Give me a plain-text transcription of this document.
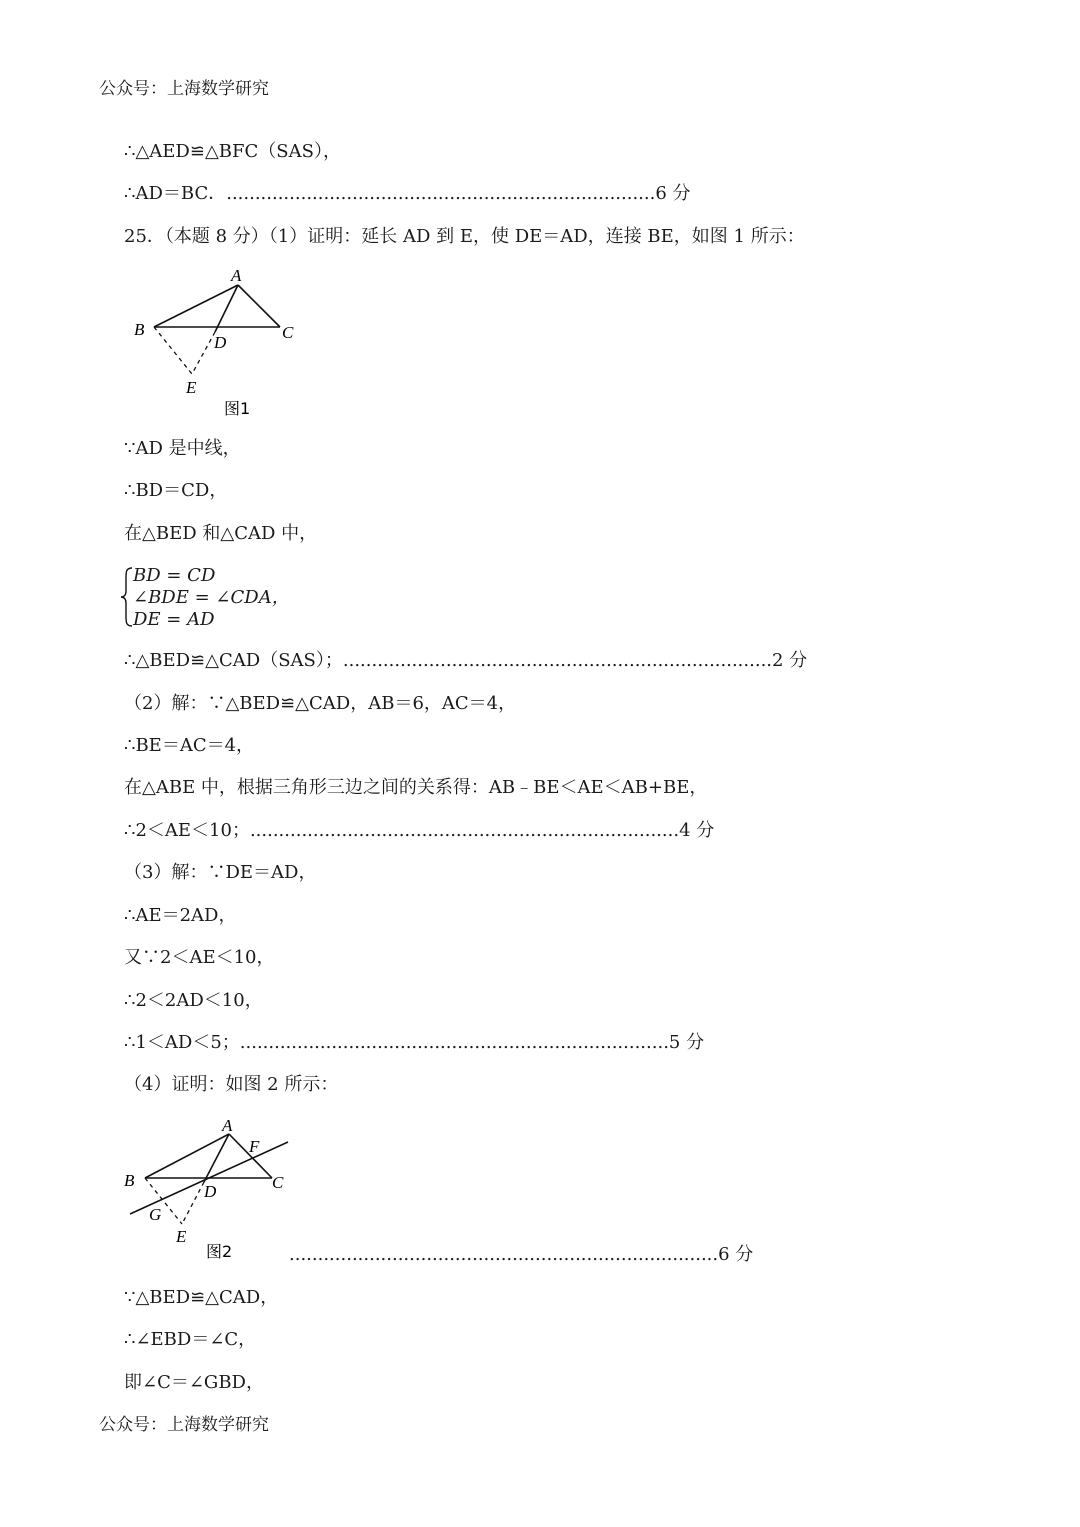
公众号：上海数学研究
∴△AED≌△BFC（SAS），
∴AD＝BC．...........................................................................6 分
25．（本题 8 分）（1）证明：延长 AD 到 E，使 DE＝AD，连接 BE，如图 1 所示：
A
B	C
D
E
图1
∵AD 是中线，
∴BD＝CD，
在△BED 和△CAD 中，
BD = CD
∠BDE = ∠CDA，
DE = AD
∴△BED≌△CAD（SAS）；...........................................................................2 分
（2）解：∵△BED≌△CAD，AB＝6，AC＝4，
∴BE＝AC＝4，
在△ABE 中，根据三角形三边之间的关系得：AB﹣BE＜AE＜AB+BE，
∴2＜AE＜10；...........................................................................4 分
（3）解：∵DE＝AD，
∴AE＝2AD，
又∵2＜AE＜10，
∴2＜2AD＜10，
∴1＜AD＜5；...........................................................................5 分
（4）证明：如图 2 所示：
A
F
B	C
D
G
E
图2	...........................................................................6 分
∵△BED≌△CAD，
∴∠EBD＝∠C，
即∠C＝∠GBD，
公众号：上海数学研究
